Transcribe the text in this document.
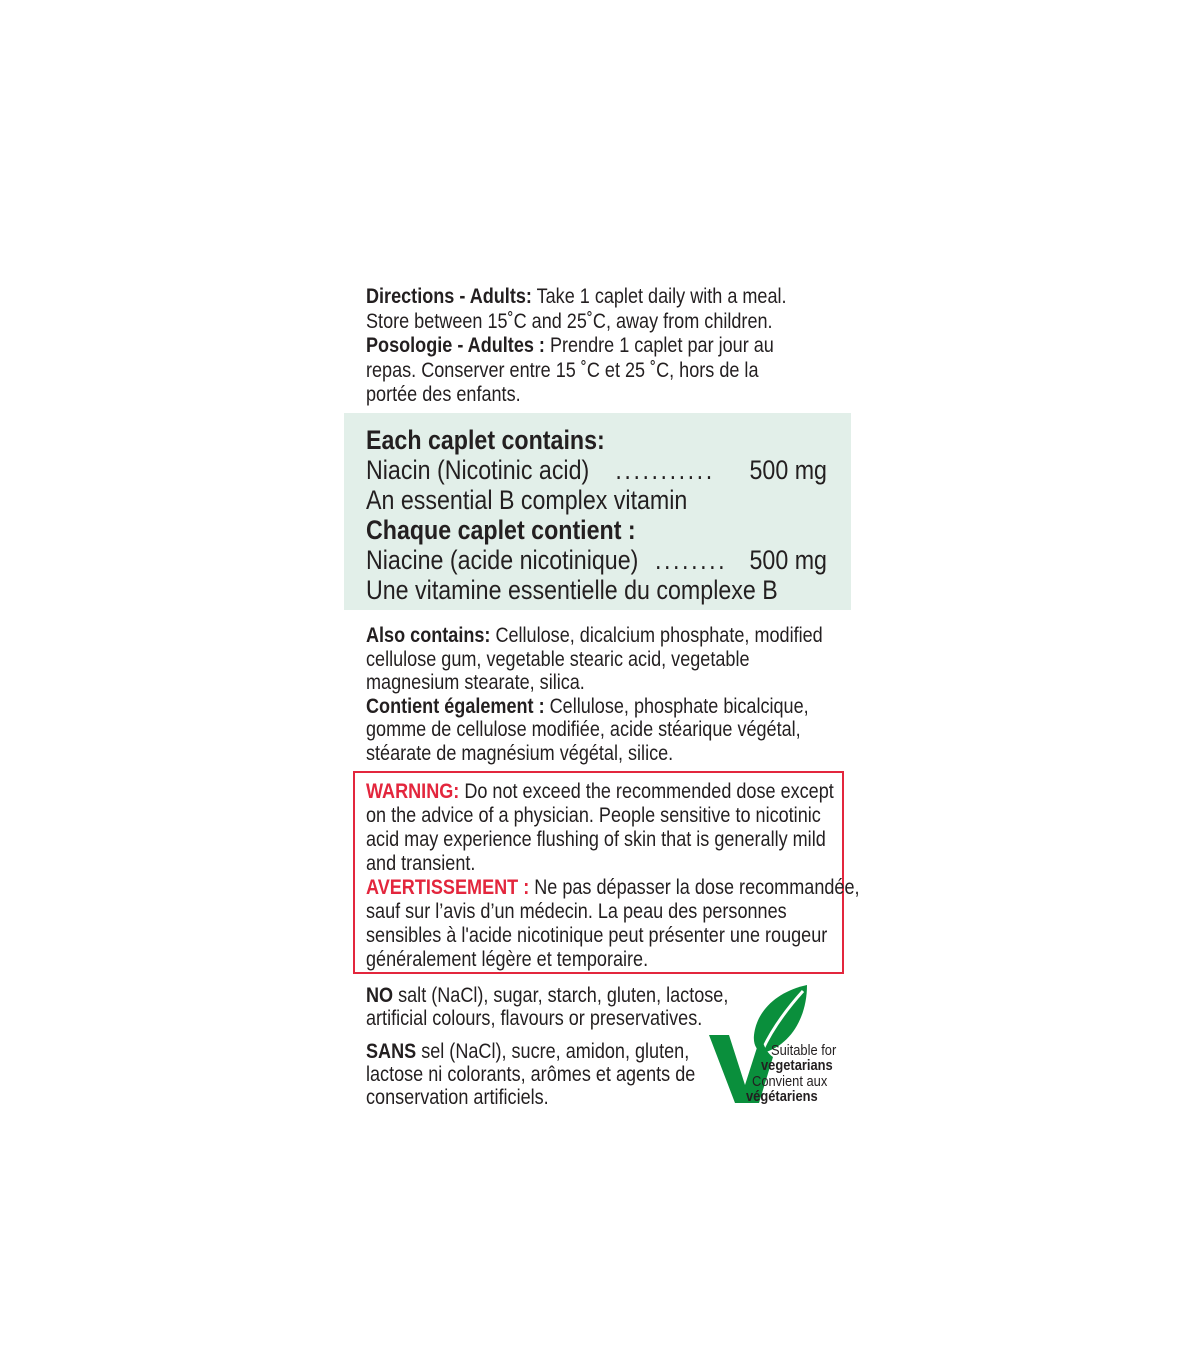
Directions - Adults: Take 1 caplet daily with a meal.
Store between 15˚C and 25˚C, away from children.
Posologie - Adultes : Prendre 1 caplet par jour au
repas. Conserver entre 15 ˚C et 25 ˚C, hors de la
portée des enfants.
Each caplet contains:
Niacin (Nicotinic acid) ........... 500 mg
An essential B complex vitamin
Chaque caplet contient :
Niacine (acide nicotinique) ........ 500 mg
Une vitamine essentielle du complexe B
Also contains: Cellulose, dicalcium phosphate, modified
cellulose gum, vegetable stearic acid, vegetable
magnesium stearate, silica.
Contient également : Cellulose, phosphate bicalcique,
gomme de cellulose modifiée, acide stéarique végétal,
stéarate de magnésium végétal, silice.
WARNING: Do not exceed the recommended dose except
on the advice of a physician. People sensitive to nicotinic
acid may experience flushing of skin that is generally mild
and transient.
AVERTISSEMENT : Ne pas dépasser la dose recommandée,
sauf sur l’avis d’un médecin. La peau des personnes
sensibles à l'acide nicotinique peut présenter une rougeur
généralement légère et temporaire.
NO salt (NaCl), sugar, starch, gluten, lactose,
artificial colours, flavours or preservatives.
SANS sel (NaCl), sucre, amidon, gluten,
lactose ni colorants, arômes et agents de
conservation artificiels.
Suitable for
vegetarians
Convient aux
végétariens
